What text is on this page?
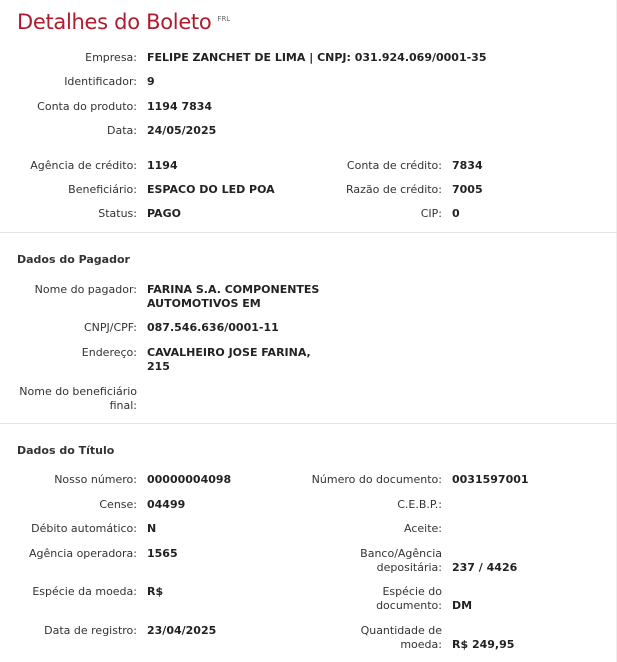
Detalhes do Boleto $^{FRL}$
Empresa: FELIPE ZANCHET DE LIMA | CNPJ: 031.924.069/0001-35
Identificador: 9
Conta do produto: 1194 7834
Data: 24/05/2025
Agência de crédito: 1194	Conta de crédito: 7834
Beneficiário: ESPACO DO LED POA	Razão de crédito: 7005
Status: PAGO	CIP: 0
Dados do Pagador
Nome do pagador: FARINA S.A. COMPONENTES
AUTOMOTIVOS EM
CNPJ/CPF: 087.546.636/0001-11
Endereço: CAVALHEIRO JOSE FARINA,
215
Nome do beneficiário
final:
Dados do Título
Nosso número: 00000004098	Número do documento: 0031597001
Cense: 04499	C.E.B.P.:
Débito automático: N	Aceite:
Agência operadora: 1565	Banco/Agência
depositária: 237 / 4426
Espécie da moeda: R$	Espécie do
documento: DM
Data de registro: 23/04/2025	Quantidade de
moeda: R$ 249,95
